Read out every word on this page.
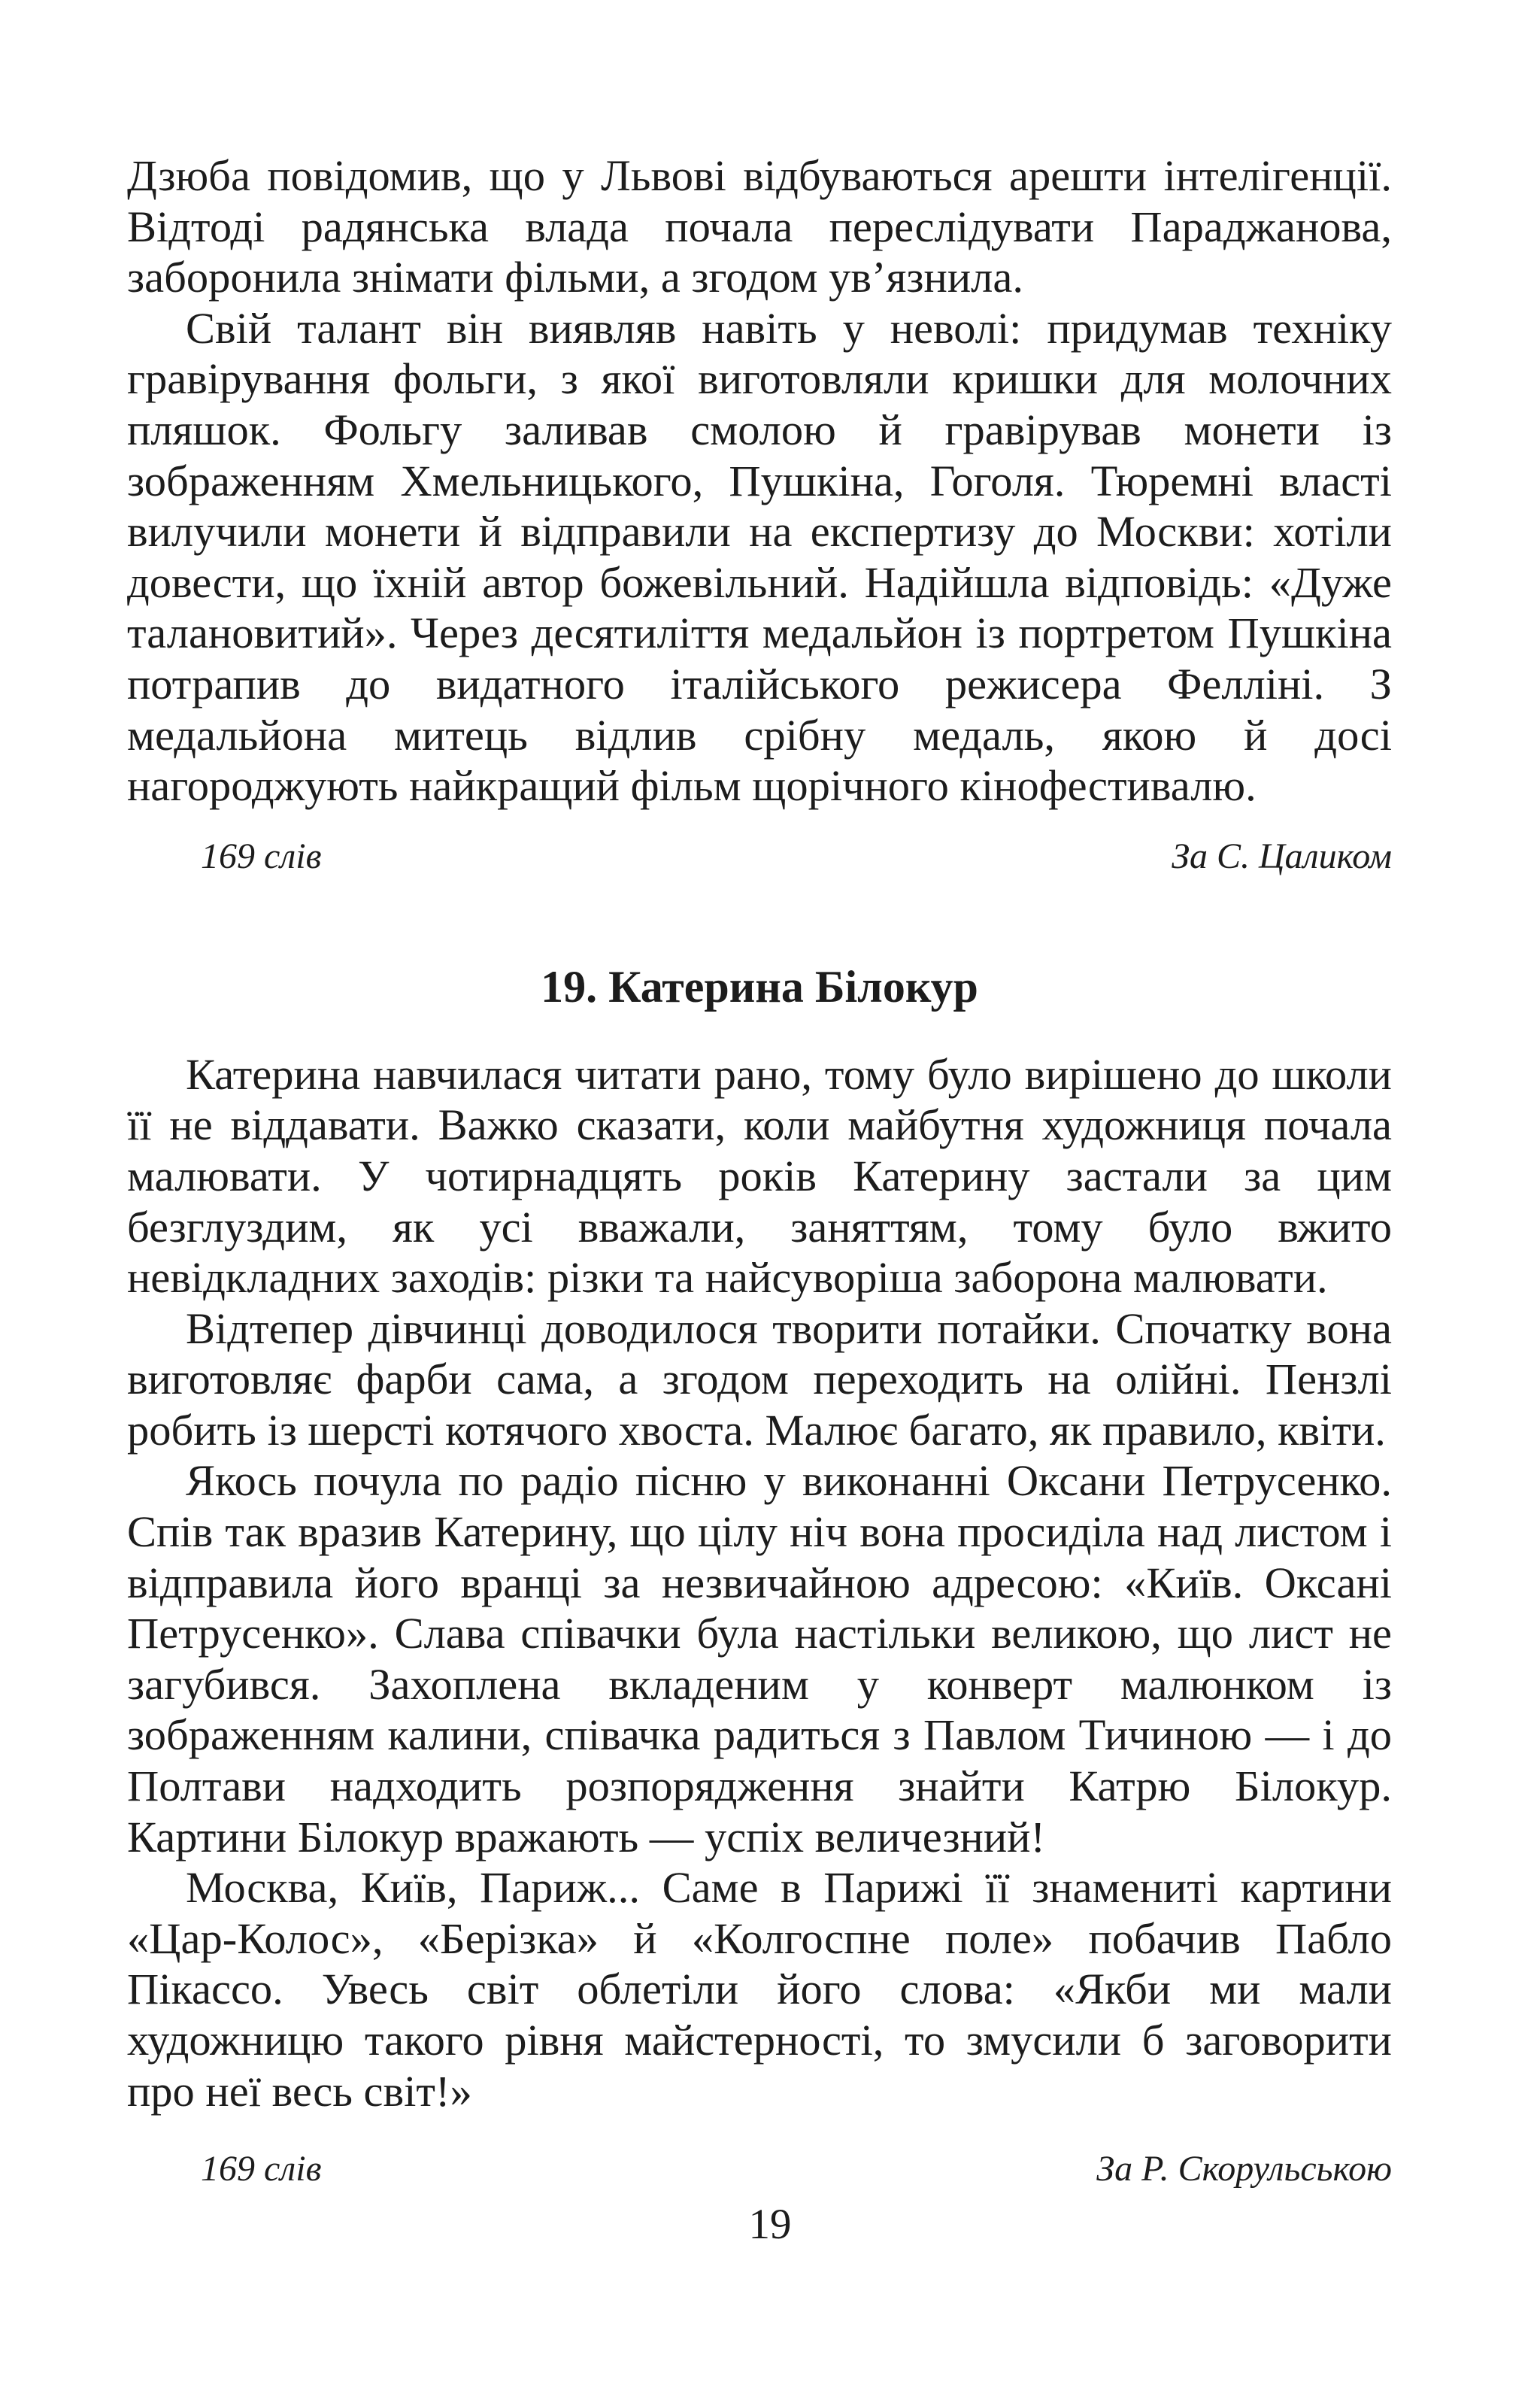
Дзюба повідомив, що у Львові відбуваються арешти інтелігенції. Відтоді радянська влада почала переслідувати Параджанова, заборонила знімати фільми, а згодом ув’язнила.

Свій талант він виявляв навіть у неволі: придумав техніку гравірування фольги, з якої виготовляли кришки для молочних пляшок. Фольгу заливав смолою й гравірував монети із зображенням Хмельницького, Пушкіна, Гоголя. Тюремні власті вилучили монети й відправили на експертизу до Москви: хотіли довести, що їхній автор божевільний. Надійшла відповідь: «Дуже талановитий». Через десятиліття медальйон із портретом Пушкіна потрапив до видатного італійського режисера Фелліні. З медальйона митець відлив срібну медаль, якою й досі нагороджують найкращий фільм щорічного кінофестивалю.

169 слів	За С. Цаликом
19. Катерина Білокур

Катерина навчилася читати рано, тому було вирішено до школи її не віддавати. Важко сказати, коли майбутня художниця почала малювати. У чотирнадцять років Катерину застали за цим безглуздим, як усі вважали, заняттям, тому було вжито невідкладних заходів: різки та найсуворіша заборона малювати.

Відтепер дівчинці доводилося творити потайки. Спочатку вона виготовляє фарби сама, а згодом переходить на олійні. Пензлі робить із шерсті котячого хвоста. Малює багато, як правило, квіти.

Якось почула по радіо пісню у виконанні Оксани Петрусенко. Спів так вразив Катерину, що цілу ніч вона просиділа над листом і відправила його вранці за незвичайною адресою: «Київ. Оксані Петрусенко». Слава співачки була настільки великою, що лист не загубився. Захоплена вкладеним у конверт малюнком із зображенням калини, співачка радиться з Павлом Тичиною — і до Полтави надходить розпорядження знайти Катрю Білокур. Картини Білокур вражають — успіх величезний!

Москва, Київ, Париж... Саме в Парижі її знамениті картини «Цар-Колос», «Берізка» й «Колгоспне поле» побачив Пабло Пікассо. Увесь світ облетіли його слова: «Якби ми мали художницю такого рівня майстерності, то змусили б заговорити про неї весь світ!»

169 слів	За Р. Скорульською
19
